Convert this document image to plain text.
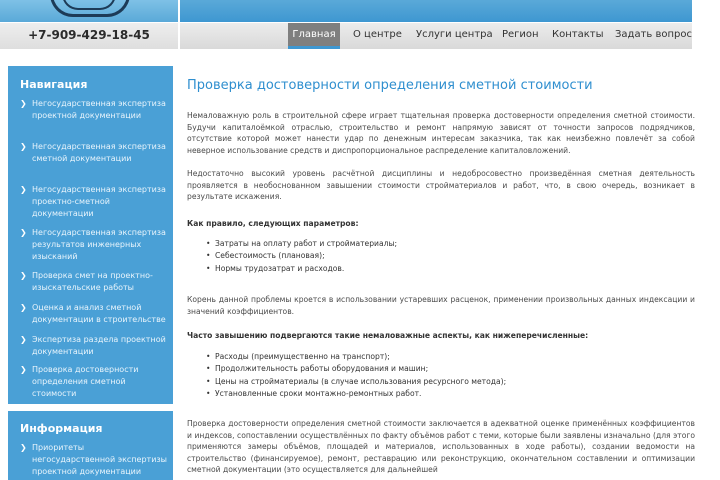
+7-909-429-18-45	Главная	О центре Услуги центра Регион Контакты Задать вопрос
Навигация
❯ Негосударственная экспертиза проектной документации
❯ Негосударственная экспертиза сметной документации
❯ Негосударственная экспертиза проектно-сметной документации
❯ Негосударственная экспертиза результатов инженерных изысканий
❯ Проверка смет на проектно-изыскательские работы
❯ Оценка и анализ сметной документации в строительстве
❯ Экспертиза раздела проектной документации
❯ Проверка достоверности определения сметной стоимости
Информация
❯ Приоритеты негосударственной экспертизы проектной документации
Проверка достоверности определения сметной стоимости
Немаловажную роль в строительной сфере играет тщательная проверка достоверности определения сметной стоимости. Будучи капиталоёмкой отраслью, строительство и ремонт напрямую зависят от точности запросов подрядчиков, отсутствие которой может нанести удар по денежным интересам заказчика, так как неизбежно повлечёт за собой неверное использование средств и диспропорциональное распределение капиталовложений.
Недостаточно высокий уровень расчётной дисциплины и недобросовестно произведённая сметная деятельность проявляется в необоснованном завышении стоимости стройматериалов и работ, что, в свою очередь, возникает в результате искажения.
Как правило, следующих параметров:
• Затраты на оплату работ и стройматериалы;
• Себестоимость (плановая);
• Нормы трудозатрат и расходов.
Корень данной проблемы кроется в использовании устаревших расценок, применении произвольных данных индексации и значений коэффициентов.
Часто завышению подвергаются такие немаловажные аспекты, как нижеперечисленные:
• Расходы (преимущественно на транспорт);
• Продолжительность работы оборудования и машин;
• Цены на стройматериалы (в случае использования ресурсного метода);
• Установленные сроки монтажно-ремонтных работ.
Проверка достоверности определения сметной стоимости заключается в адекватной оценке применённых коэффициентов и индексов, сопоставлении осуществлённых по факту объёмов работ с теми, которые были заявлены изначально (для этого применяются замеры объёмов, площадей и материалов, использованных в ходе работы), создании ведомости на строительство (финансируемое), ремонт, реставрацию или реконструкцию, окончательном составлении и оптимизации сметной документации (это осуществляется для дальнейшей
